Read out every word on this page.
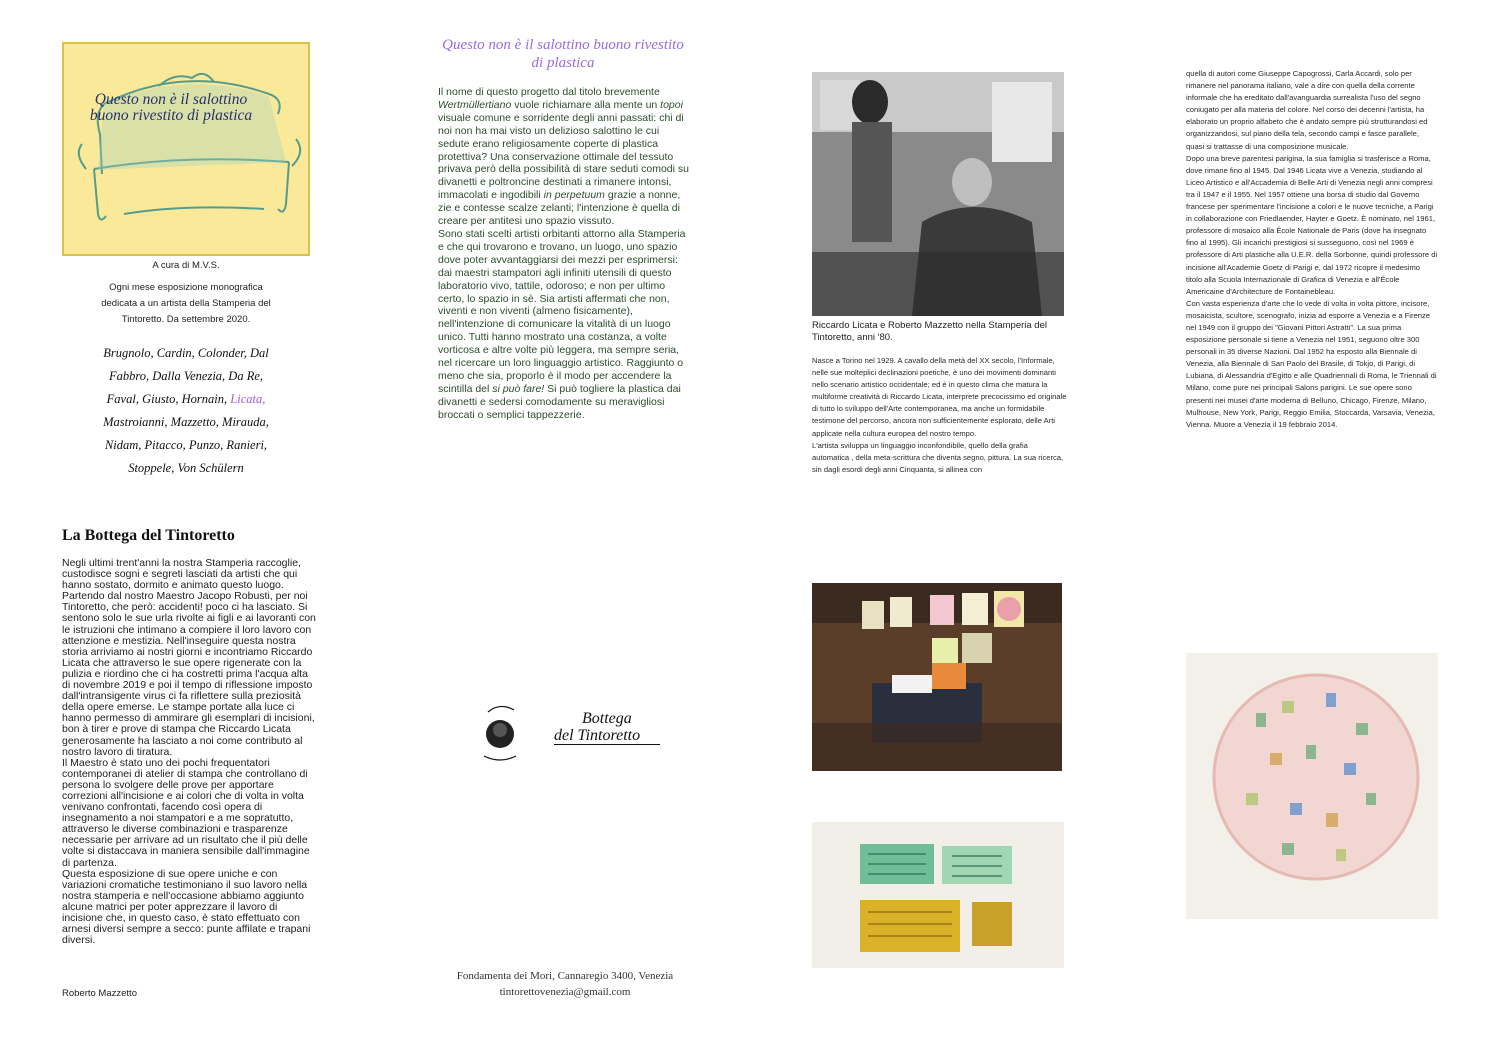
Questo non è il salottino buono rivestito di plastica
A cura di M.V.S.
Ogni mese esposizione monografica dedicata a un artista della Stamperia del Tintoretto. Da settembre 2020.
Brugnolo, Cardin, Colonder, Dal Fabbro, Dalla Venezia, Da Re, Faval, Giusto, Hornain, Licata, Mastroianni, Mazzetto, Mirauda, Nidam, Pitacco, Punzo, Ranieri, Stoppele, Von Schülern
La Bottega del Tintoretto

Negli ultimi trent'anni la nostra Stamperia raccoglie, custodisce sogni e segreti lasciati da artisti che qui hanno sostato, dormito e animato questo luogo. Partendo dal nostro Maestro Jacopo Robusti, per noi Tintoretto, che però: accidenti! poco ci ha lasciato. Si sentono solo le sue urla rivolte ai figli e ai lavoranti con le istruzioni che intimano a compiere il loro lavoro con attenzione e mestizia. Nell'inseguire questa nostra storia arriviamo ai nostri giorni e incontriamo Riccardo Licata che attraverso le sue opere rigenerate con la pulizia e riordino che ci ha costretti prima l'acqua alta di novembre 2019 e poi il tempo di riflessione imposto dall'intransigente virus ci fa riflettere sulla preziosità della opere emerse. Le stampe portate alla luce ci hanno permesso di ammirare gli esemplari di incisioni, bon à tirer e prove di stampa che Riccardo Licata generosamente ha lasciato a noi come contributo al nostro lavoro di tiratura.

Il Maestro è stato uno dei pochi frequentatori contemporanei di atelier di stampa che controllano di persona lo svolgere delle prove per apportare correzioni all'incisione e ai colori che di volta in volta venivano confrontati, facendo così opera di insegnamento a noi stampatori e a me sopratutto, attraverso le diverse combinazioni e trasparenze necessarie per arrivare ad un risultato che il più delle volte si distaccava in maniera sensibile dall'immagine di partenza.

Questa esposizione di sue opere uniche e con variazioni cromatiche testimoniano il suo lavoro nella nostra stamperia e nell'occasione abbiamo aggiunto alcune matrici per poter apprezzare il lavoro di incisione che, in questo caso, è stato effettuato con arnesi diversi sempre a secco: punte affilate e trapani diversi.

Roberto Mazzetto
Questo non è il salottino buono rivestito di plastica

Il nome di questo progetto dal titolo brevemente Wertmüllertiano vuole richiamare alla mente un topoi visuale comune e sorridente degli anni passati: chi di noi non ha mai visto un delizioso salottino le cui sedute erano religiosamente coperte di plastica protettiva? Una conservazione ottimale del tessuto privava però della possibilità di stare seduti comodi su divanetti e poltroncine destinati a rimanere intonsi, immacolati e ingodibili in perpetuum grazie a nonne, zie e contesse scalze zelanti; l'intenzione è quella di creare per antitesi uno spazio vissuto.

Sono stati scelti artisti orbitanti attorno alla Stamperia e che qui trovarono e trovano, un luogo, uno spazio dove poter avvantaggiarsi dei mezzi per esprimersi: dai maestri stampatori agli infiniti utensili di questo laboratorio vivo, tattile, odoroso; e non per ultimo certo, lo spazio in sè. Sia artisti affermati che non, viventi e non viventi (almeno fisicamente), nell'intenzione di comunicare la vitalità di un luogo unico. Tutti hanno mostrato una costanza, a volte vorticosa e altre volte più leggera, ma sempre seria, nel ricercare un loro linguaggio artistico. Raggiunto o meno che sia, proporlo è il modo per accendere la scintilla del si può fare! Si può togliere la plastica dai divanetti e sedersi comodamente su meravigliosi broccati o semplici tappezzerie.

Bottega
del Tintoretto
Fondamenta dei Mori, Cannaregio 3400, Venezia
tintorettovenezia@gmail.com
Riccardo Licata e Roberto Mazzetto nella Stamperia del Tintoretto, anni '80.
Nasce a Torino nel 1929. A cavallo della metà del XX secolo, l'Informale, nelle sue molteplici declinazioni poetiche, è uno dei movimenti dominanti nello scenario artistico occidentale; ed è in questo clima che matura la multiforme creatività di Riccardo Licata, interprete precocissimo ed originale di tutto lo sviluppo dell'Arte contemporanea, ma anche un formidabile testimone del percorso, ancora non sufficientemente esplorato, delle Arti applicate nella cultura europea del nostro tempo.
L'artista sviluppa un linguaggio inconfondibile, quello della grafia automatica , della meta-scrittura che diventa segno, pittura. La sua ricerca, sin dagli esordi degli anni Cinquanta, si allinea con
quella di autori come Giuseppe Capogrossi, Carla Accardi, solo per rimanere nel panorama italiano, vale a dire con quella della corrente informale che ha ereditato dall'avanguardia surrealista l'uso del segno coniugato per alla materia del colore. Nel corso dei decenni l'artista, ha elaborato un proprio alfabeto che è andato sempre più strutturandosi ed organizzandosi, sul piano della tela, secondo campi e fasce parallele, quasi si trattasse di una composizione musicale.
Dopo una breve parentesi parigina, la sua famiglia si trasferisce a Roma, dove rimane fino al 1945. Dal 1946 Licata vive a Venezia, studiando al Liceo Artistico e all'Accademia di Belle Arti di Venezia negli anni compresi tra il 1947 e il 1955. Nel 1957 ottiene una borsa di studio dal Governo francese per sperimentare l'incisione a colori e le nuove tecniche, a Parigi in collaborazione con Friedlaender, Hayter e Goetz. È nominato, nel 1961, professore di mosaico alla École Nationale de Paris (dove ha insegnato fino al 1995). Gli incarichi prestigiosi si susseguono, così nel 1969 è professore di Arti plastiche alla U.E.R. della Sorbonne, quindi professore di incisione all'Academie Goetz di Parigi e, dal 1972 ricopre il medesimo titolo alla Scuola Internazionale di Grafica di Venezia e all'École Americaine d'Architecture de Fontainebleau.
Con vasta esperienza d'arte che lo vede di volta in volta pittore, incisore, mosaicista, scultore, scenografo, inizia ad esporre a Venezia e a Firenze nel 1949 con il gruppo dei "Giovani Pittori Astratti". La sua prima esposizione personale si tiene a Venezia nel 1951, seguono oltre 300 personali in 35 diverse Nazioni. Dal 1952 ha esposto alla Biennale di Venezia, alla Biennale di San Paolo del Brasile, di Tokjo, di Parigi, di Lubiana, di Alessandria d'Egitto e alle Quadriennali di Roma, le Triennali di Milano, come pure nei principali Salons parigini. Le sue opere sono presenti nei musei d'arte moderna di Belluno, Chicago, Firenze, Milano, Mulhouse, New York, Parigi, Reggio Emilia, Stoccarda, Varsavia, Venezia, Vienna. Muore a Venezia il 19 febbraio 2014.
